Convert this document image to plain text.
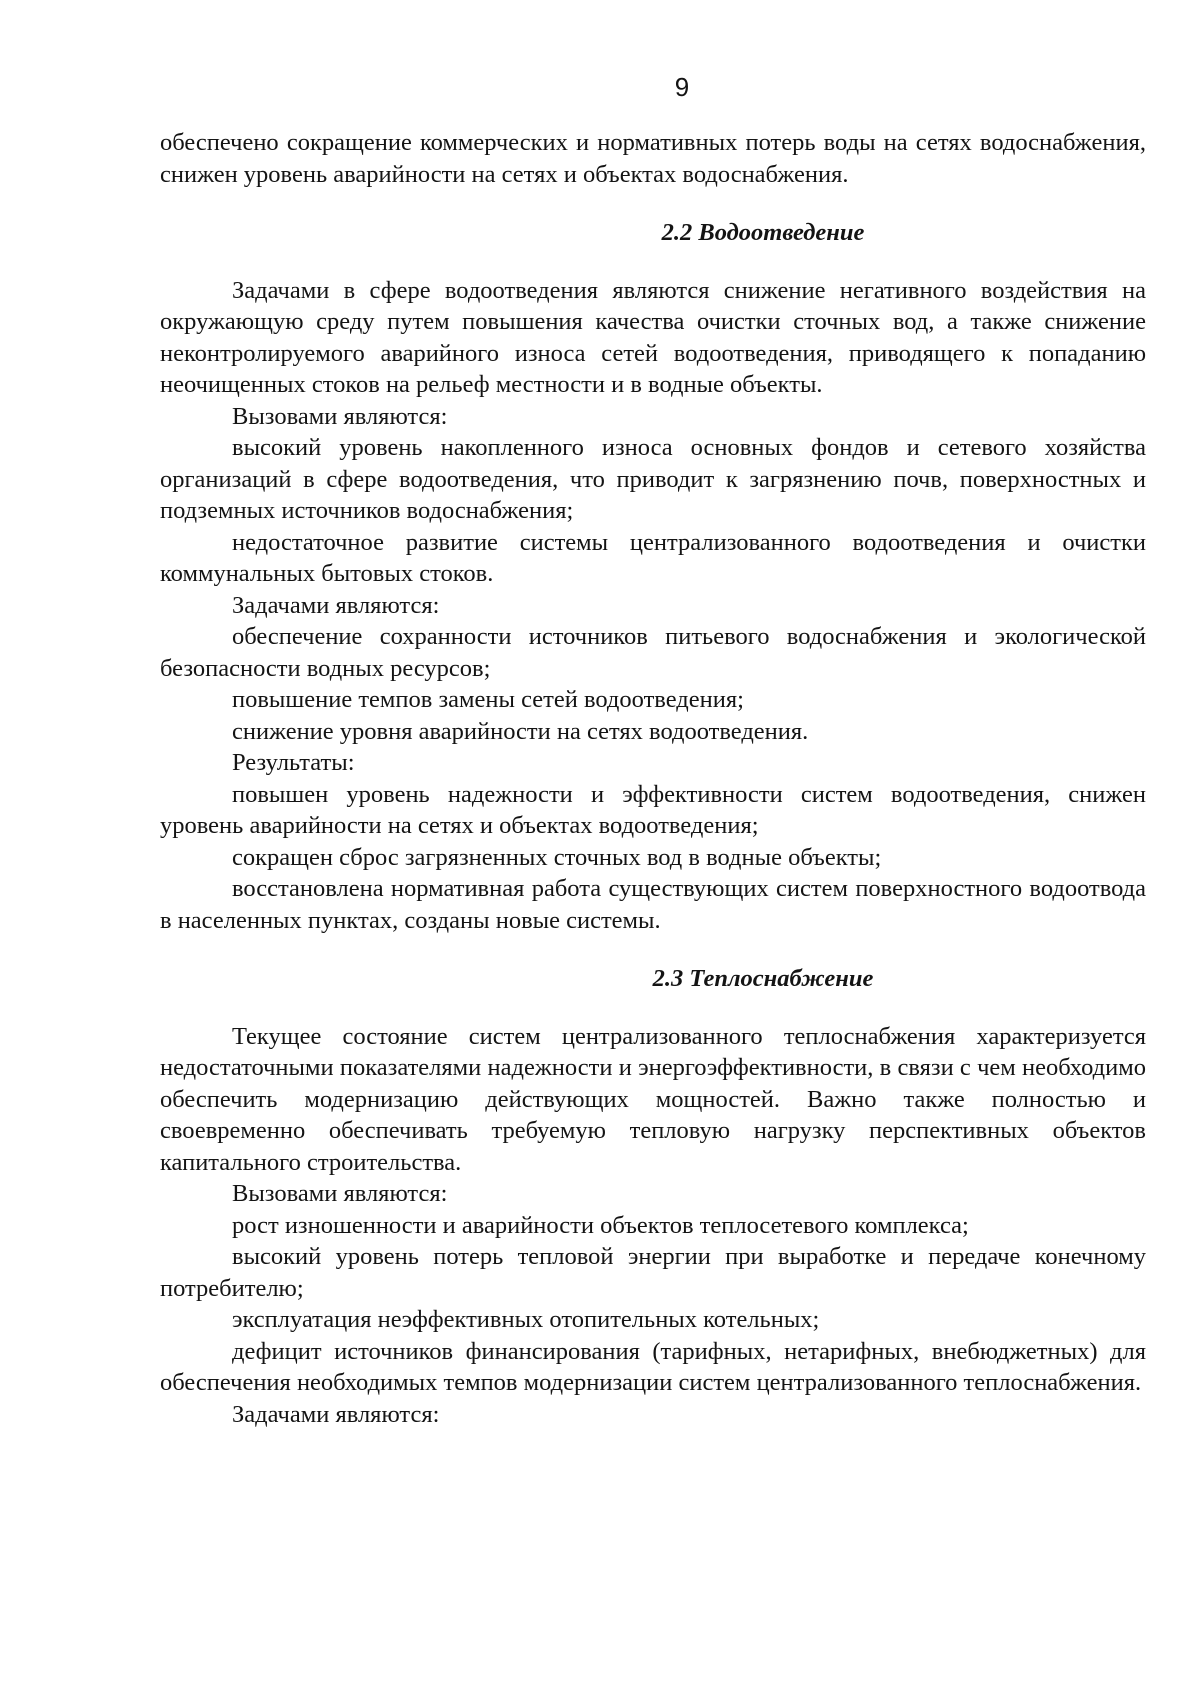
9

обеспечено сокращение коммерческих и нормативных потерь воды на сетях водоснабжения, снижен уровень аварийности на сетях и объектах водоснабжения.

2.2 Водоотведение

Задачами в сфере водоотведения являются снижение негативного воздействия на окружающую среду путем повышения качества очистки сточных вод, а также снижение неконтролируемого аварийного износа сетей водоотведения, приводящего к попаданию неочищенных стоков на рельеф местности и в водные объекты.

Вызовами являются:

высокий уровень накопленного износа основных фондов и сетевого хозяйства организаций в сфере водоотведения, что приводит к загрязнению почв, поверхностных и подземных источников водоснабжения;

недостаточное развитие системы централизованного водоотведения и очистки коммунальных бытовых стоков.

Задачами являются:

обеспечение сохранности источников питьевого водоснабжения и экологической безопасности водных ресурсов;

повышение темпов замены сетей водоотведения;

снижение уровня аварийности на сетях водоотведения.

Результаты:

повышен уровень надежности и эффективности систем водоотведения, снижен уровень аварийности на сетях и объектах водоотведения;

сокращен сброс загрязненных сточных вод в водные объекты;

восстановлена нормативная работа существующих систем поверхностного водоотвода в населенных пунктах, созданы новые системы.

2.3 Теплоснабжение

Текущее состояние систем централизованного теплоснабжения характеризуется недостаточными показателями надежности и энергоэффективности, в связи с чем необходимо обеспечить модернизацию действующих мощностей. Важно также полностью и своевременно обеспечивать требуемую тепловую нагрузку перспективных объектов капитального строительства.

Вызовами являются:

рост изношенности и аварийности объектов теплосетевого комплекса;

высокий уровень потерь тепловой энергии при выработке и передаче конечному потребителю;

эксплуатация неэффективных отопительных котельных;

дефицит источников финансирования (тарифных, нетарифных, внебюджетных) для обеспечения необходимых темпов модернизации систем централизованного теплоснабжения.

Задачами являются:
